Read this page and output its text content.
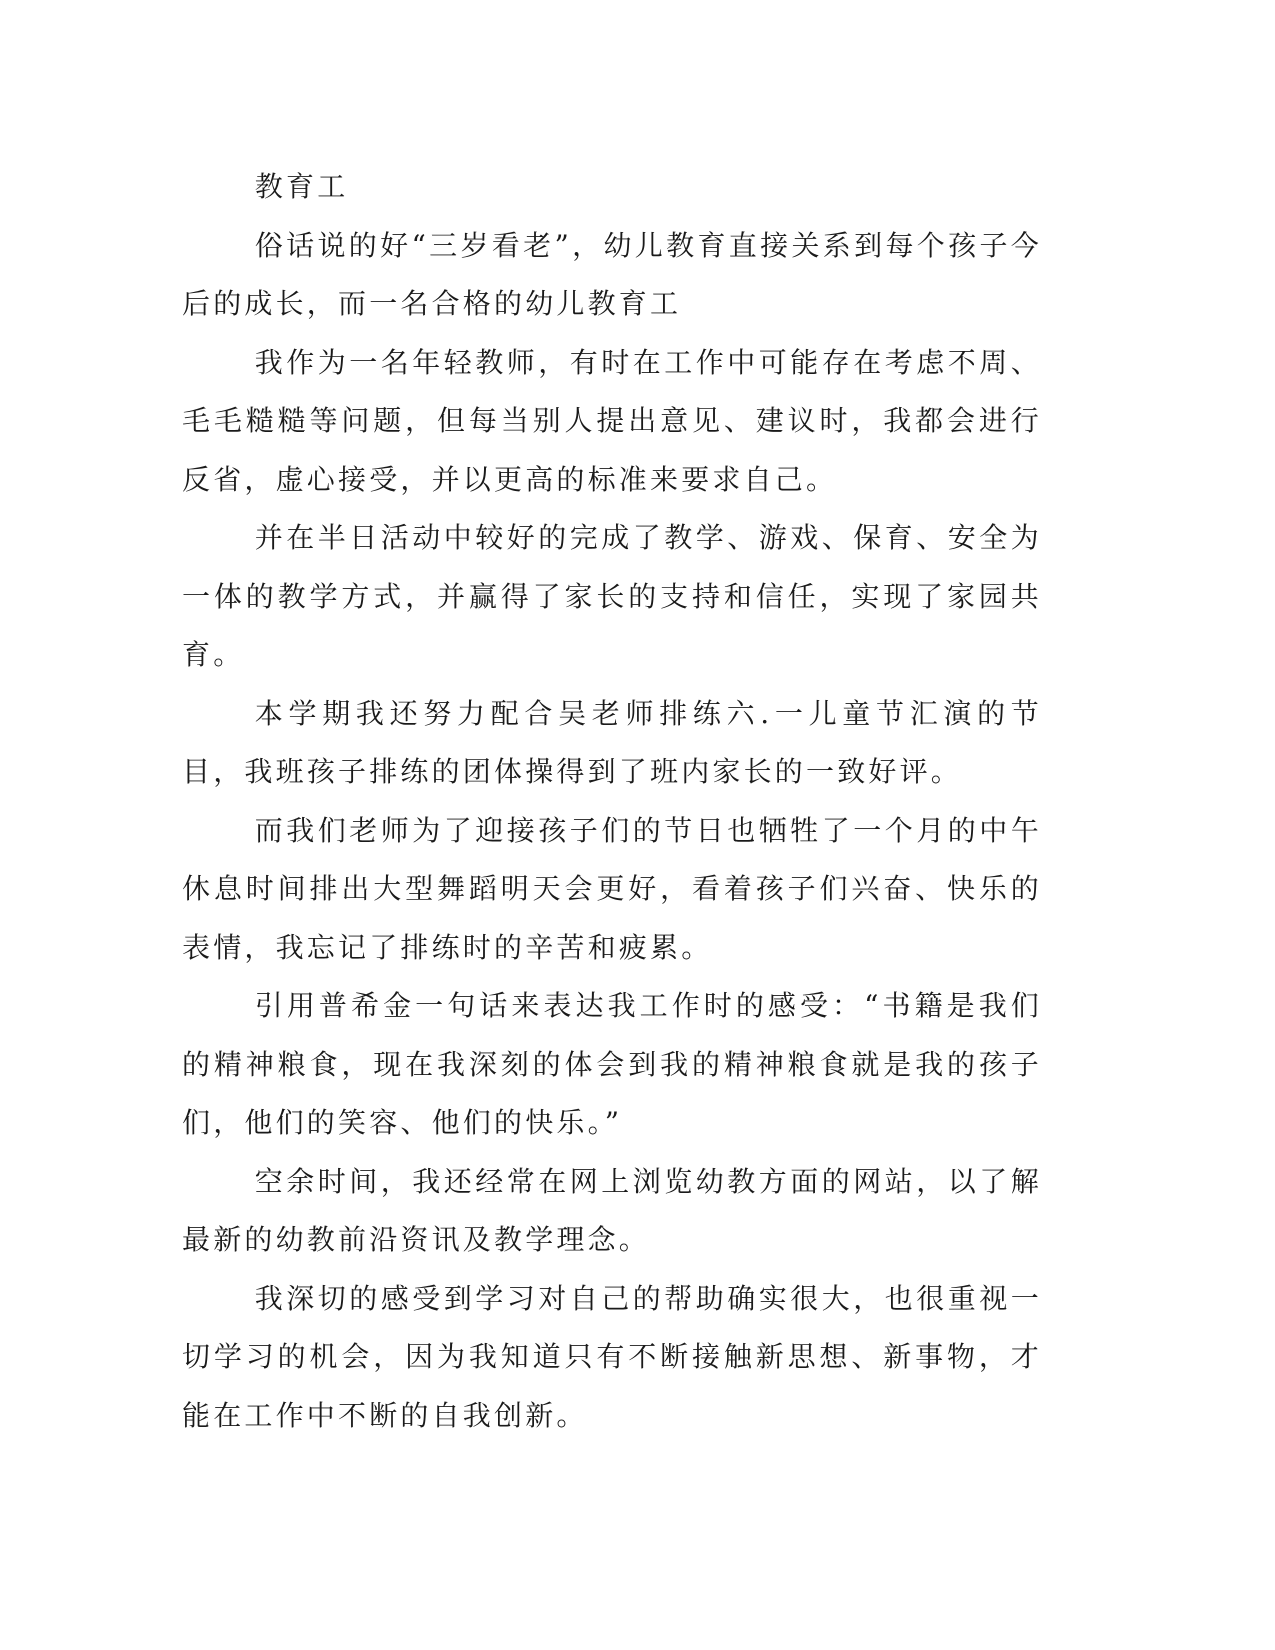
教育工

俗话说的好“三岁看老”，幼儿教育直接关系到每个孩子今后的成长，而一名合格的幼儿教育工

我作为一名年轻教师，有时在工作中可能存在考虑不周、毛毛糙糙等问题，但每当别人提出意见、建议时，我都会进行反省，虚心接受，并以更高的标准来要求自己。

并在半日活动中较好的完成了教学、游戏、保育、安全为一体的教学方式，并赢得了家长的支持和信任，实现了家园共育。

本学期我还努力配合吴老师排练六.一儿童节汇演的节目，我班孩子排练的团体操得到了班内家长的一致好评。

而我们老师为了迎接孩子们的节日也牺牲了一个月的中午休息时间排出大型舞蹈明天会更好，看着孩子们兴奋、快乐的表情，我忘记了排练时的辛苦和疲累。

引用普希金一句话来表达我工作时的感受：“书籍是我们的精神粮食，现在我深刻的体会到我的精神粮食就是我的孩子们，他们的笑容、他们的快乐。”

空余时间，我还经常在网上浏览幼教方面的网站，以了解最新的幼教前沿资讯及教学理念。

我深切的感受到学习对自己的帮助确实很大，也很重视一切学习的机会，因为我知道只有不断接触新思想、新事物，才能在工作中不断的自我创新。
